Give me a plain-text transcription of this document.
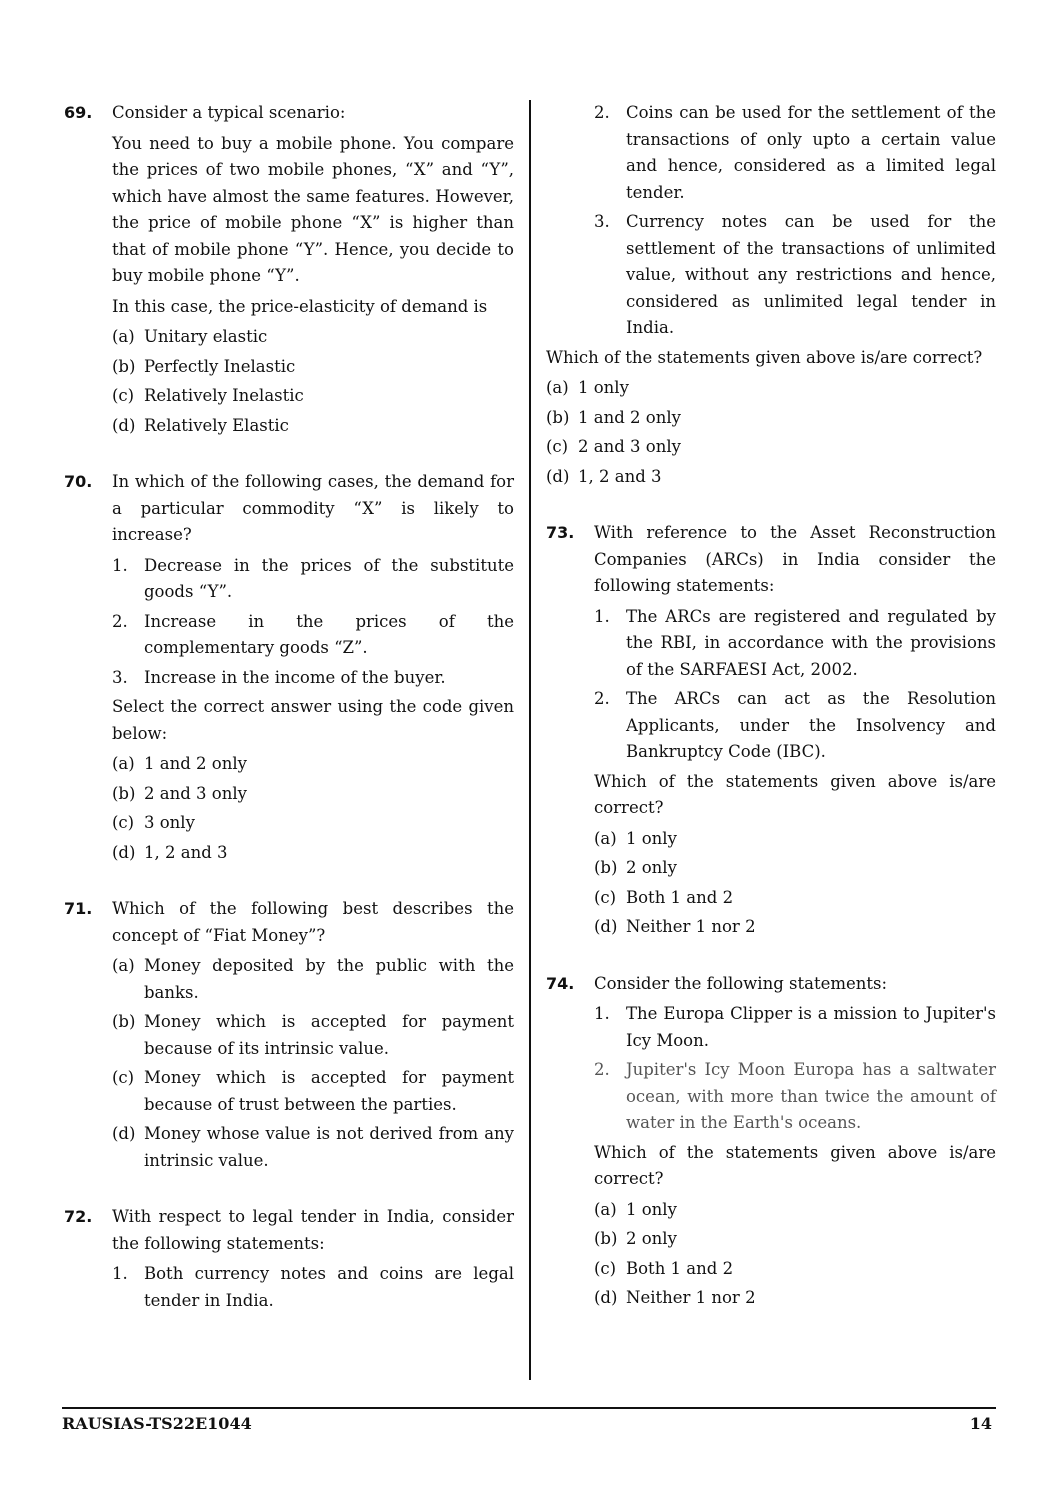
69. Consider a typical scenario:

You need to buy a mobile phone. You compare the prices of two mobile phones, “X” and “Y”, which have almost the same features. However, the price of mobile phone “X” is higher than that of mobile phone “Y”. Hence, you decide to buy mobile phone “Y”.

In this case, the price-elasticity of demand is

(a) Unitary elastic
(b) Perfectly Inelastic
(c) Relatively Inelastic
(d) Relatively Elastic
70. In which of the following cases, the demand for a particular commodity “X” is likely to increase?

1. Decrease in the prices of the substitute goods “Y”.
2. Increase in the prices of the complementary goods “Z”.
3. Increase in the income of the buyer.

Select the correct answer using the code given below:

(a) 1 and 2 only
(b) 2 and 3 only
(c) 3 only
(d) 1, 2 and 3
71. Which of the following best describes the concept of “Fiat Money”?

(a) Money deposited by the public with the banks.
(b) Money which is accepted for payment because of its intrinsic value.
(c) Money which is accepted for payment because of trust between the parties.
(d) Money whose value is not derived from any intrinsic value.
72. With respect to legal tender in India, consider the following statements:

1. Both currency notes and coins are legal tender in India.
2. Coins can be used for the settlement of the transactions of only upto a certain value and hence, considered as a limited legal tender.
3. Currency notes can be used for the settlement of the transactions of unlimited value, without any restrictions and hence, considered as unlimited legal tender in India.

Which of the statements given above is/are correct?

(a) 1 only
(b) 1 and 2 only
(c) 2 and 3 only
(d) 1, 2 and 3
73. With reference to the Asset Reconstruction Companies (ARCs) in India consider the following statements:

1. The ARCs are registered and regulated by the RBI, in accordance with the provisions of the SARFAESI Act, 2002.
2. The ARCs can act as the Resolution Applicants, under the Insolvency and Bankruptcy Code (IBC).

Which of the statements given above is/are correct?

(a) 1 only
(b) 2 only
(c) Both 1 and 2
(d) Neither 1 nor 2
74. Consider the following statements:

1. The Europa Clipper is a mission to Jupiter's Icy Moon.
2. Jupiter's Icy Moon Europa has a saltwater ocean, with more than twice the amount of water in the Earth's oceans.

Which of the statements given above is/are correct?

(a) 1 only
(b) 2 only
(c) Both 1 and 2
(d) Neither 1 nor 2
RAUSIAS-TS22E1044	14
